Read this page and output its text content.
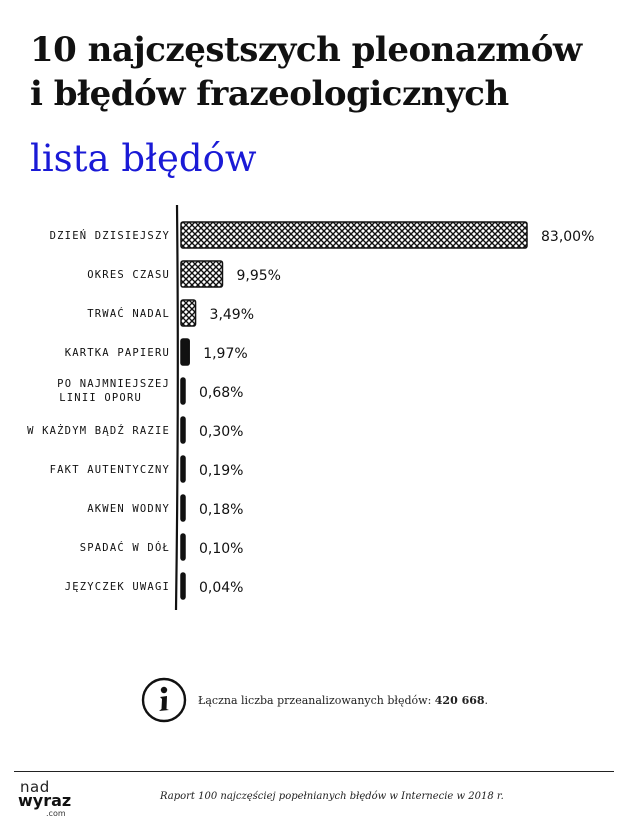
10 najczęstszych pleonazmów
i błędów frazeologicznych
lista błędów
DZIEŃ DZISIEJSZY	83,00%
OKRES CZASU	9,95%
TRWAĆ NADAL	3,49%
KARTKA PAPIERU 1,97%
PO NAJMNIEJSZEJ LINII OPORU	0,68%
W KAŻDYM BĄDŹ RAZIE 0,30%
FAKT AUTENTYCZNY 0,19%
AKWEN WODNY 0,18%
SPADAĆ W DÓŁ 0,10%
JĘZYCZEK UWAGI 0,04%
Łączna liczba przeanalizowanych błędów: 420 668.
nad
wyraz
.com
Raport 100 najczęściej popełnianych błędów w Internecie w 2018 r.
